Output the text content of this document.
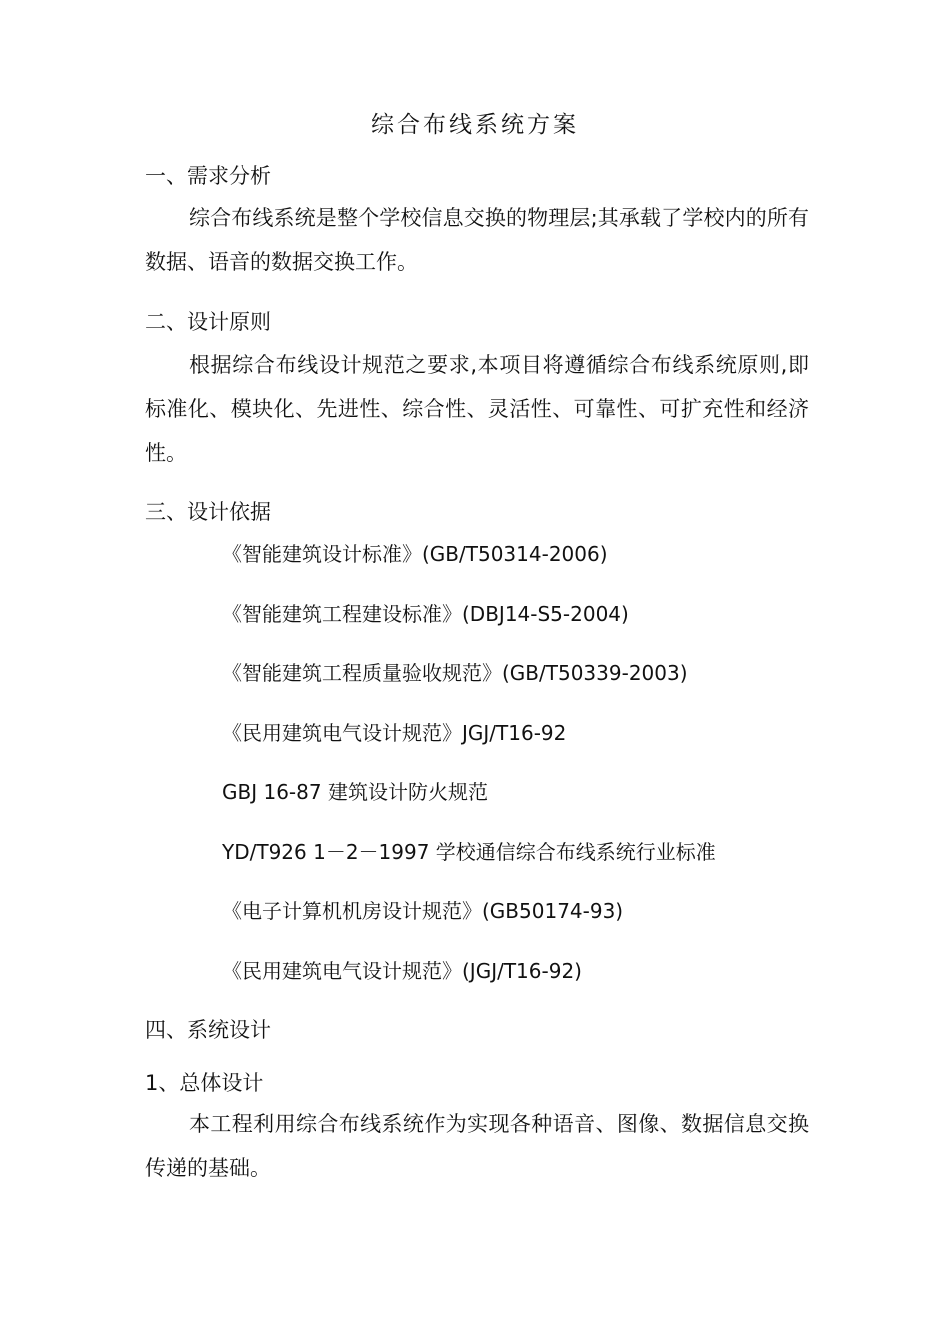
综合布线系统方案
一、需求分析
综合布线系统是整个学校信息交换的物理层;其承载了学校内的所有数据、语音的数据交换工作。
二、设计原则
根据综合布线设计规范之要求,本项目将遵循综合布线系统原则,即标准化、模块化、先进性、综合性、灵活性、可靠性、可扩充性和经济性。
三、设计依据
《智能建筑设计标准》(GB/T50314-2006)
《智能建筑工程建设标准》(DBJ14-S5-2004)
《智能建筑工程质量验收规范》(GB/T50339-2003)
《民用建筑电气设计规范》JGJ/T16-92
GBJ 16-87 建筑设计防火规范
YD/T926 1－2－1997 学校通信综合布线系统行业标准
《电子计算机机房设计规范》(GB50174-93)
《民用建筑电气设计规范》(JGJ/T16-92)
四、系统设计
1、总体设计
本工程利用综合布线系统作为实现各种语音、图像、数据信息交换传递的基础。
